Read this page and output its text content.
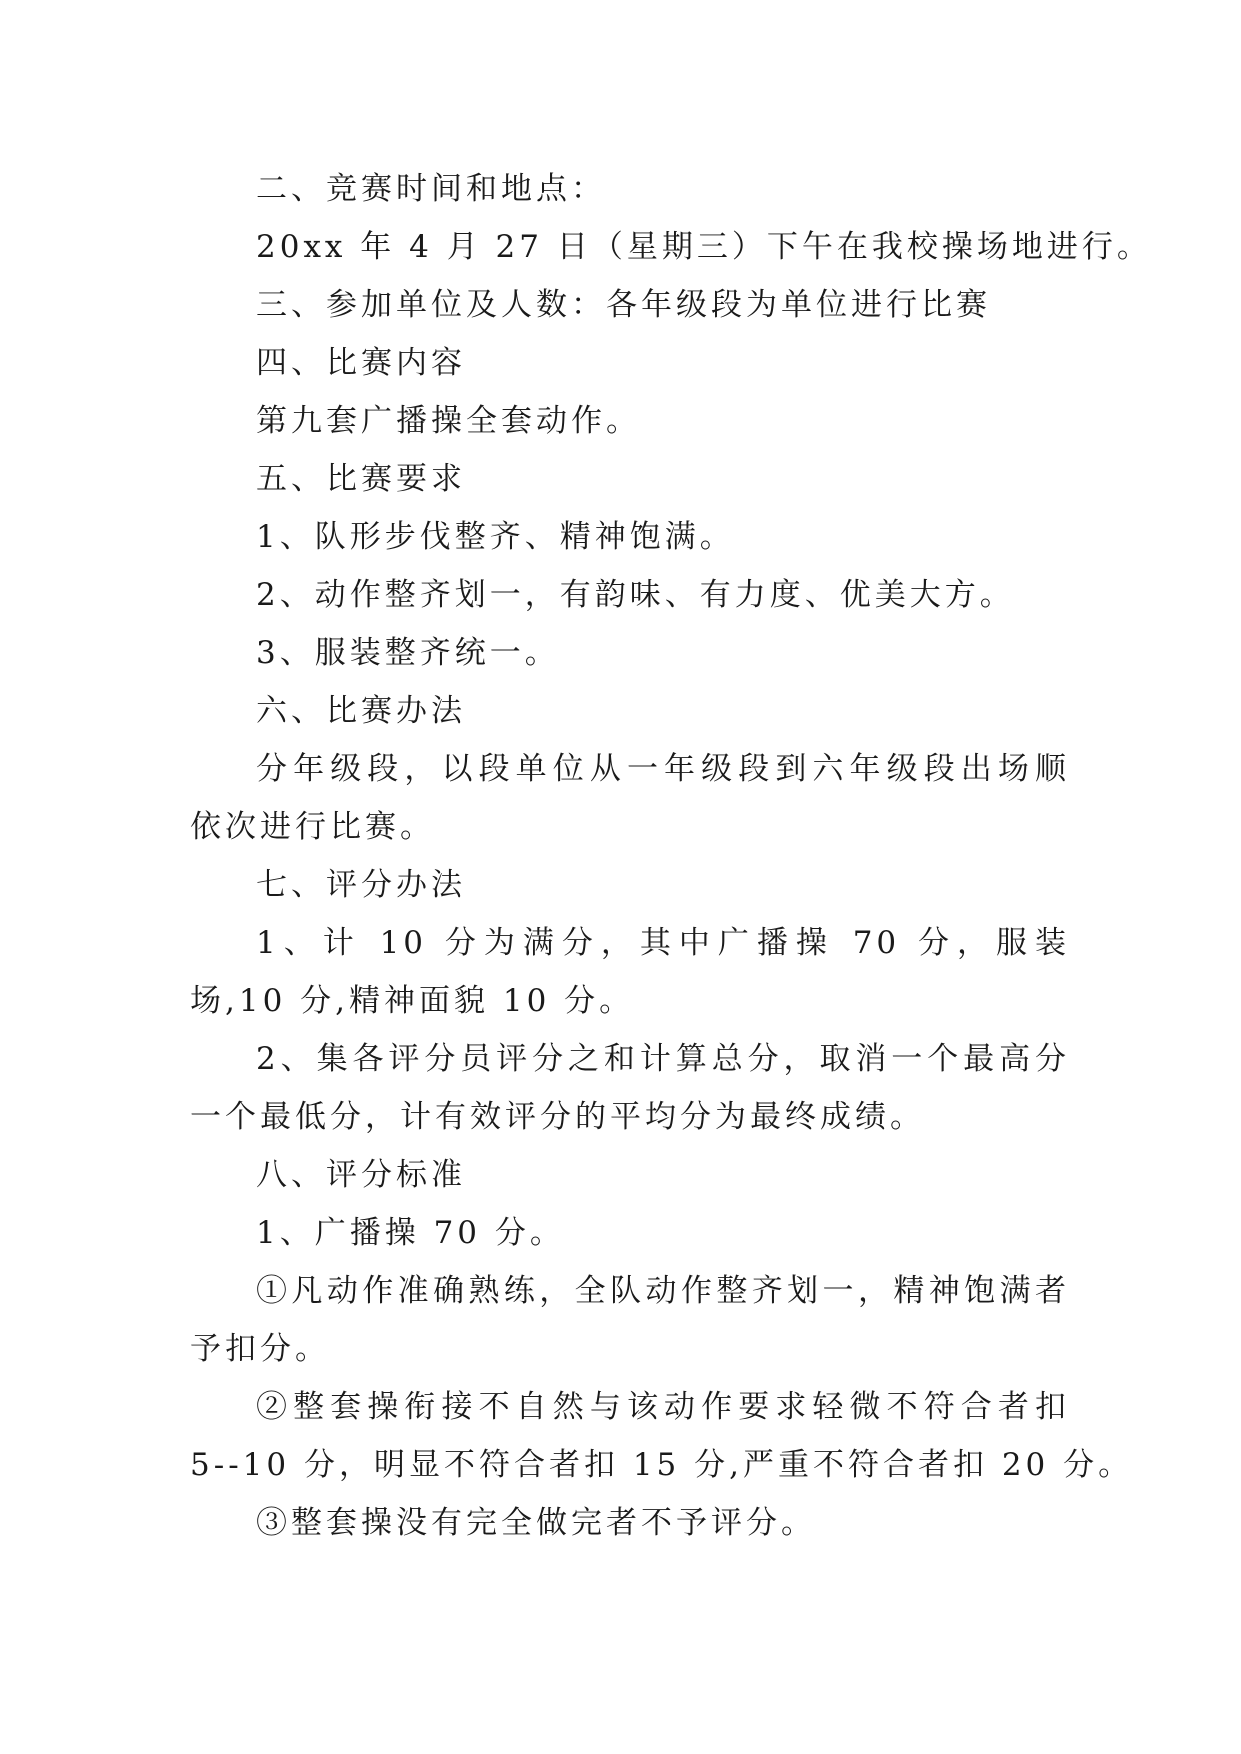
二、竞赛时间和地点：
20xx 年 4 月 27 日（星期三）下午在我校操场地进行。
三、参加单位及人数：各年级段为单位进行比赛
四、比赛内容
第九套广播操全套动作。
五、比赛要求
1、队形步伐整齐、精神饱满。
2、动作整齐划一，有韵味、有力度、优美大方。
3、服装整齐统一。
六、比赛办法
分年级段，以段单位从一年级段到六年级段出场顺
依次进行比赛。
七、评分办法
1、计 10 分为满分，其中广播操 70 分，服装
场,10 分,精神面貌 10 分。
2、集各评分员评分之和计算总分，取消一个最高分
一个最低分，计有效评分的平均分为最终成绩。
八、评分标准
1、广播操 70 分。
①凡动作准确熟练，全队动作整齐划一，精神饱满者
予扣分。
②整套操衔接不自然与该动作要求轻微不符合者扣
5--10 分，明显不符合者扣 15 分,严重不符合者扣 20 分。
③整套操没有完全做完者不予评分。
